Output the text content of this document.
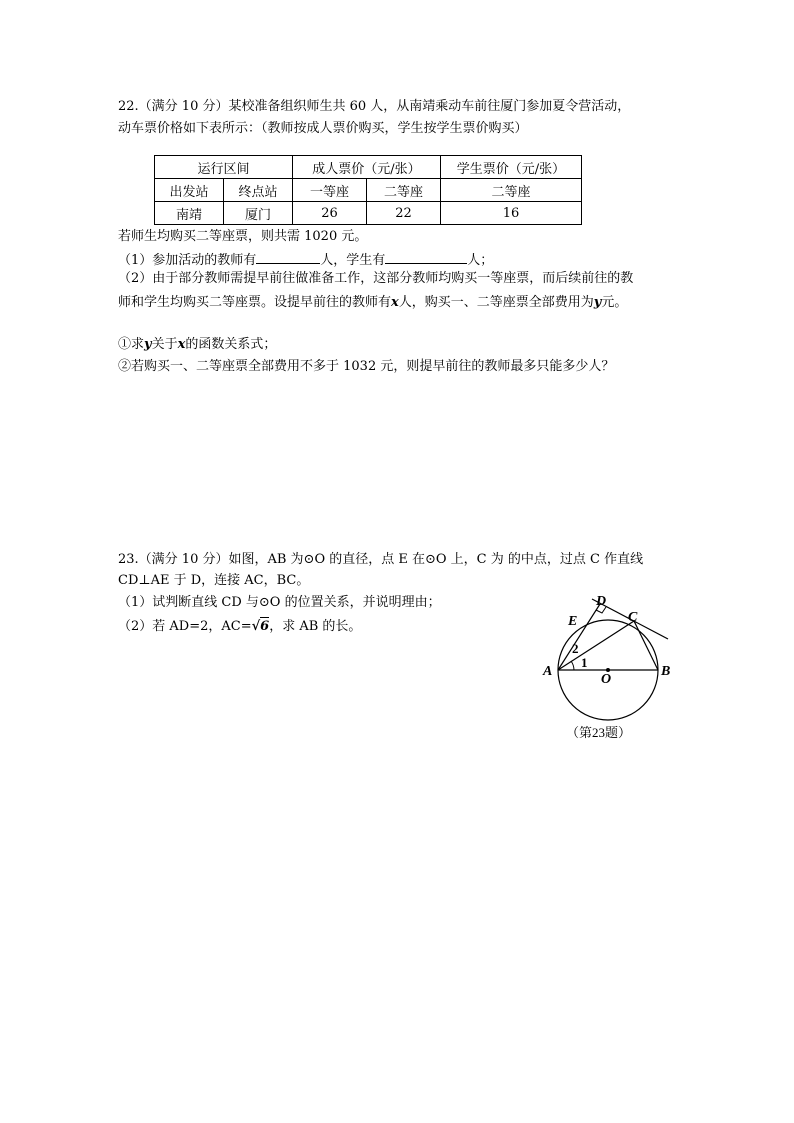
22.（满分 10 分）某校准备组织师生共 60 人，从南靖乘动车前往厦门参加夏令营活动，
动车票价格如下表所示：（教师按成人票价购买，学生按学生票价购买）
运行区间		成人票价（元/张）		学生票价（元/张）
出发站	终点站	一等座	二等座	二等座
南靖	厦门	26	22	16
若师生均购买二等座票，则共需 1020 元。
（1）参加活动的教师有	人，学生有	人；
（2）由于部分教师需提早前往做准备工作，这部分教师均购买一等座票，而后续前往的教
师和学生均购买二等座票。设提早前往的教师有x人，购买一、二等座票全部费用为y元。
①求y关于x的函数关系式；
②若购买一、二等座票全部费用不多于 1032 元，则提早前往的教师最多只能多少人？
23.（满分 10 分）如图，AB 为⊙O 的直径，点 E 在⊙O 上，C 为 的中点，过点 C 作直线
CD⊥AE 于 D，连接 AC，BC。
（1）试判断直线 CD 与⊙O 的位置关系，并说明理由；
（2）若 AD=2，AC=√6，求 AB 的长。
A	B
C
D
E
O
1
2
（第23题）
